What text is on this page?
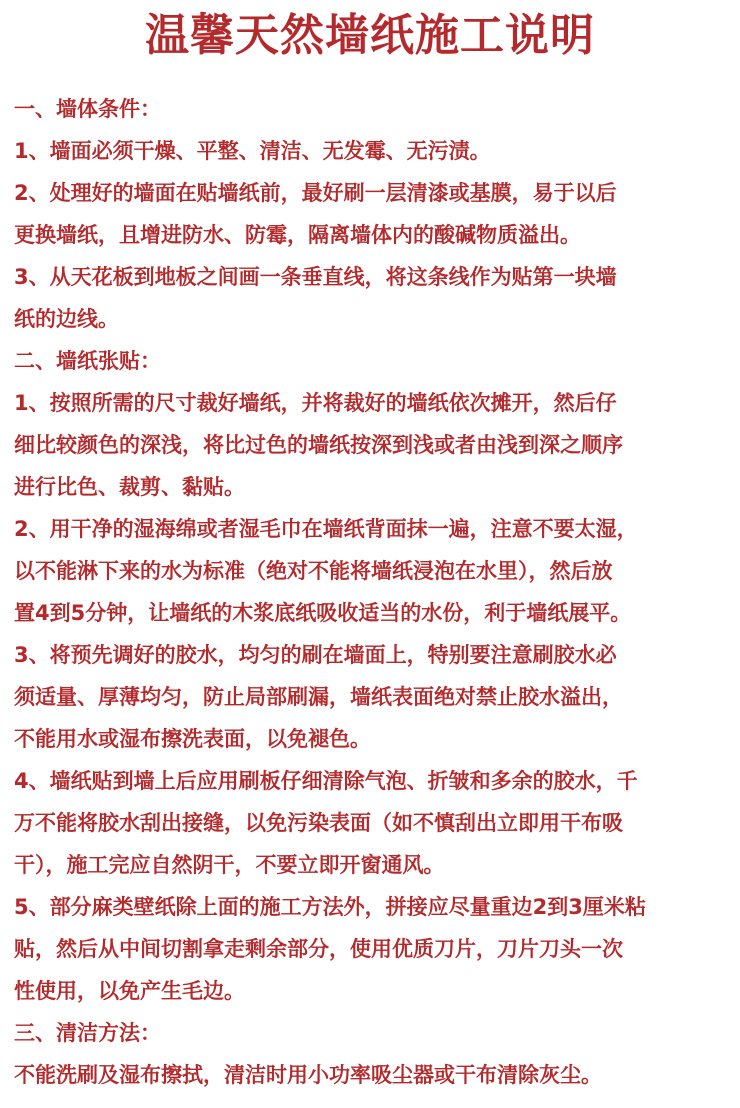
温馨天然墙纸施工说明
一、墙体条件：
1、墙面必须干燥、平整、清洁、无发霉、无污渍。
2、处理好的墙面在贴墙纸前，最好刷一层清漆或基膜，易于以后
更换墙纸，且增进防水、防霉，隔离墙体内的酸碱物质溢出。
3、从天花板到地板之间画一条垂直线，将这条线作为贴第一块墙
纸的边线。
二、墙纸张贴：
1、按照所需的尺寸裁好墙纸，并将裁好的墙纸依次摊开，然后仔
细比较颜色的深浅，将比过色的墙纸按深到浅或者由浅到深之顺序
进行比色、裁剪、黏贴。
2、用干净的湿海绵或者湿毛巾在墙纸背面抹一遍，注意不要太湿，
以不能淋下来的水为标准（绝对不能将墙纸浸泡在水里），然后放
置4到5分钟，让墙纸的木浆底纸吸收适当的水份，利于墙纸展平。
3、将预先调好的胶水，均匀的刷在墙面上，特别要注意刷胶水必
须适量、厚薄均匀，防止局部刷漏，墙纸表面绝对禁止胶水溢出，
不能用水或湿布擦洗表面，以免褪色。
4、墙纸贴到墙上后应用刷板仔细清除气泡、折皱和多余的胶水，千
万不能将胶水刮出接缝，以免污染表面（如不慎刮出立即用干布吸
干），施工完应自然阴干，不要立即开窗通风。
5、部分麻类壁纸除上面的施工方法外，拼接应尽量重边2到3厘米粘
贴，然后从中间切割拿走剩余部分，使用优质刀片，刀片刀头一次
性使用，以免产生毛边。
三、清洁方法：
不能洗刷及湿布擦拭，清洁时用小功率吸尘器或干布清除灰尘。
